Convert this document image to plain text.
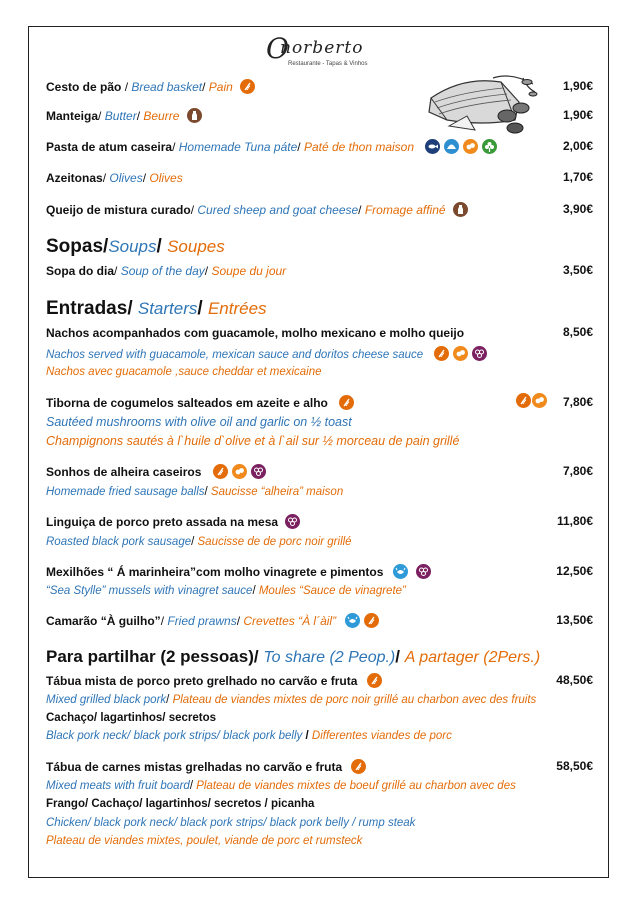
O
norberto
Restaurante - Tapas & Vinhos
Cesto de pão / Bread basket/ Pain	1,90€
Manteiga/ Butter/ Beurre	1,90€
Pasta de atum caseira/ Homemade Tuna páte/ Paté de thon maison	2,00€
Azeitonas/ Olives/ Olives	1,70€
Queijo de mistura curado/ Cured sheep and goat cheese/ Fromage affiné	3,90€
Sopas/Soups/ Soupes
Sopa do dia/ Soup of the day/ Soupe du jour	3,50€
Entradas/ Starters/ Entrées
Nachos acompanhados com guacamole, molho mexicano e molho queijo	8,50€
Nachos served with guacamole, mexican sauce and doritos cheese sauce
Nachos avec guacamole ,sauce cheddar et mexicaine
Tiborna de cogumelos salteados em azeite e alho	7,80€
Sautéed mushrooms with olive oil and garlic on ½ toast
Champignons sautés à l`huile d`olive et à l`ail sur ½ morceau de pain grillé
Sonhos de alheira caseiros	7,80€
Homemade fried sausage balls/ Saucisse “alheira” maison
Linguiça de porco preto assada na mesa	11,80€
Roasted black pork sausage/ Saucisse de de porc noir grillé
Mexilhões “ Á marinheira”com molho vinagrete e pimentos	12,50€
“Sea Stylle” mussels with vinagret sauce/ Moules “Sauce de vinagrete”
Camarão “À guilho”/ Fried prawns/ Crevettes “À l´àil”	13,50€
Para partilhar (2 pessoas)/ To share (2 Peop.)/ A partager (2Pers.)
Tábua mista de porco preto grelhado no carvão e fruta	48,50€
Mixed grilled black pork/ Plateau de viandes mixtes de porc noir grillé au charbon avec des fruits
Cachaço/ lagartinhos/ secretos
Black pork neck/ black pork strips/ black pork belly / Differentes viandes de porc
Tábua de carnes mistas grelhadas no carvão e fruta	58,50€
Mixed meats with fruit board/ Plateau de viandes mixtes de boeuf grillé au charbon avec des
Frango/ Cachaço/ lagartinhos/ secretos / picanha
Chicken/ black pork neck/ black pork strips/ black pork belly / rump steak
Plateau de viandes mixtes, poulet, viande de porc et rumsteck
